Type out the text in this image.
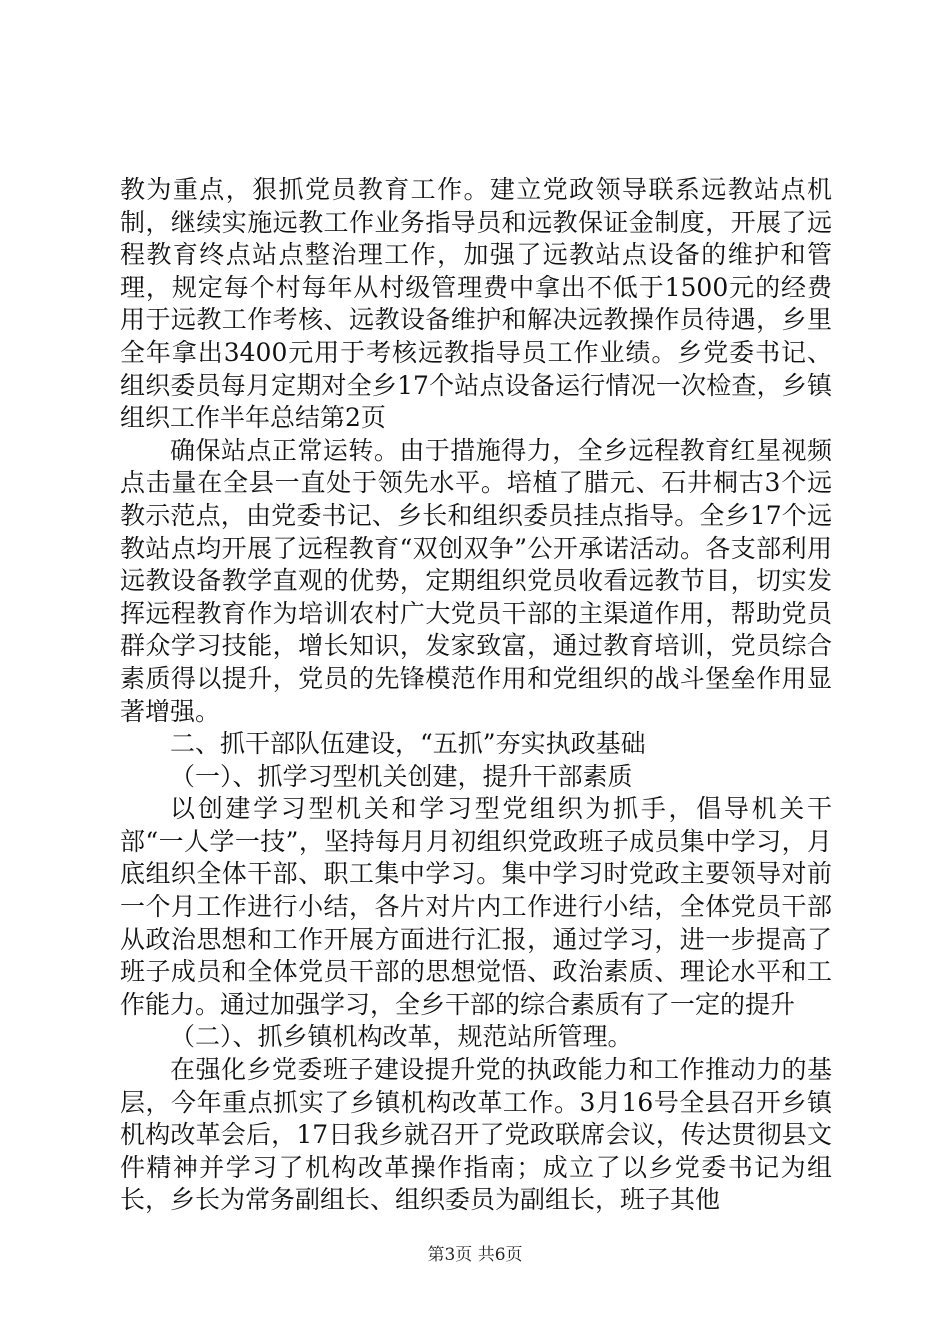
教为重点，狠抓党员教育工作。建立党政领导联系远教站点机制，继续实施远教工作业务指导员和远教保证金制度，开展了远程教育终点站点整治理工作，加强了远教站点设备的维护和管理，规定每个村每年从村级管理费中拿出不低于1500元的经费用于远教工作考核、远教设备维护和解决远教操作员待遇，乡里全年拿出3400元用于考核远教指导员工作业绩。乡党委书记、组织委员每月定期对全乡17个站点设备运行情况一次检查，乡镇组织工作半年总结第2页

确保站点正常运转。由于措施得力，全乡远程教育红星视频点击量在全县一直处于领先水平。培植了腊元、石井桐古3个远教示范点，由党委书记、乡长和组织委员挂点指导。全乡17个远教站点均开展了远程教育“双创双争”公开承诺活动。各支部利用远教设备教学直观的优势，定期组织党员收看远教节目，切实发挥远程教育作为培训农村广大党员干部的主渠道作用，帮助党员群众学习技能，增长知识，发家致富，通过教育培训，党员综合素质得以提升，党员的先锋模范作用和党组织的战斗堡垒作用显著增强。

二、抓干部队伍建设，“五抓”夯实执政基础

（一）、抓学习型机关创建，提升干部素质

以创建学习型机关和学习型党组织为抓手，倡导机关干部“一人学一技”，坚持每月月初组织党政班子成员集中学习，月底组织全体干部、职工集中学习。集中学习时党政主要领导对前一个月工作进行小结，各片对片内工作进行小结，全体党员干部从政治思想和工作开展方面进行汇报，通过学习，进一步提高了班子成员和全体党员干部的思想觉悟、政治素质、理论水平和工作能力。通过加强学习，全乡干部的综合素质有了一定的提升

（二）、抓乡镇机构改革，规范站所管理。

在强化乡党委班子建设提升党的执政能力和工作推动力的基层，今年重点抓实了乡镇机构改革工作。3月16号全县召开乡镇机构改革会后，17日我乡就召开了党政联席会议，传达贯彻县文件精神并学习了机构改革操作指南；成立了以乡党委书记为组长，乡长为常务副组长、组织委员为副组长，班子其他

第3页 共6页
